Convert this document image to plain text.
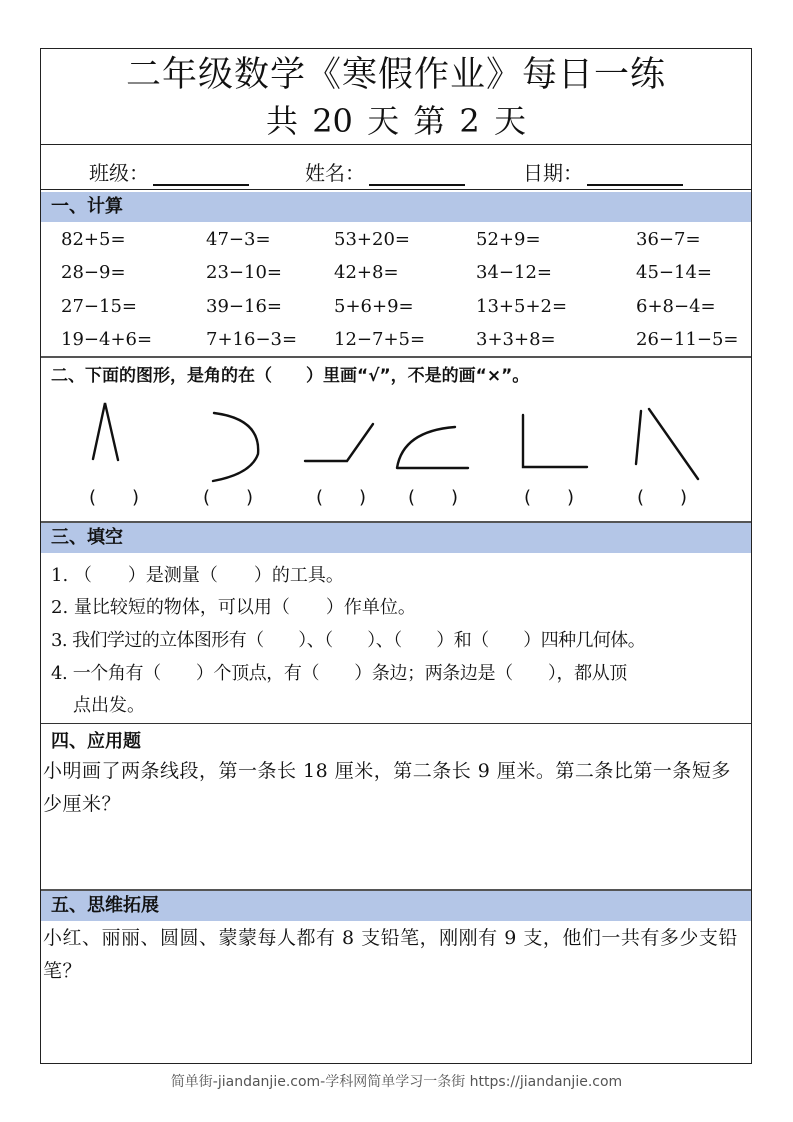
二年级数学《寒假作业》每日一练
共 20 天 第 2 天
班级：	姓名：	日期：
一、计算
82+5=	47−3=	53+20=	52+9=	36−7=
28−9=	23−10=	42+8=	34−12=	45−14=
27−15=	39−16=	5+6+9=	13+5+2=	6+8−4=
19−4+6=	7+16−3= 12−7+5=	3+3+8=	26−11−5=
二、下面的图形，是角的在（　　）里画“√”，不是的画“×”。
(　　)	(　　)	(　　) (　　)	(　　)	(　　)
三、填空
1. （　　）是测量（　　）的工具。
2. 量比较短的物体，可以用（　　）作单位。
3. 我们学过的立体图形有（　　）、（　　）、（　　）和（　　）四种几何体。
4. 一个角有（　　）个顶点，有（　　）条边；两条边是（　　），都从顶
点出发。
四、应用题
小明画了两条线段，第一条长 18 厘米，第二条长 9 厘米。第二条比第一条短多少厘米？
五、思维拓展
小红、丽丽、圆圆、蒙蒙每人都有 8 支铅笔，刚刚有 9 支，他们一共有多少支铅笔？
简单街-jiandanjie.com-学科网简单学习一条街 https://jiandanjie.com
